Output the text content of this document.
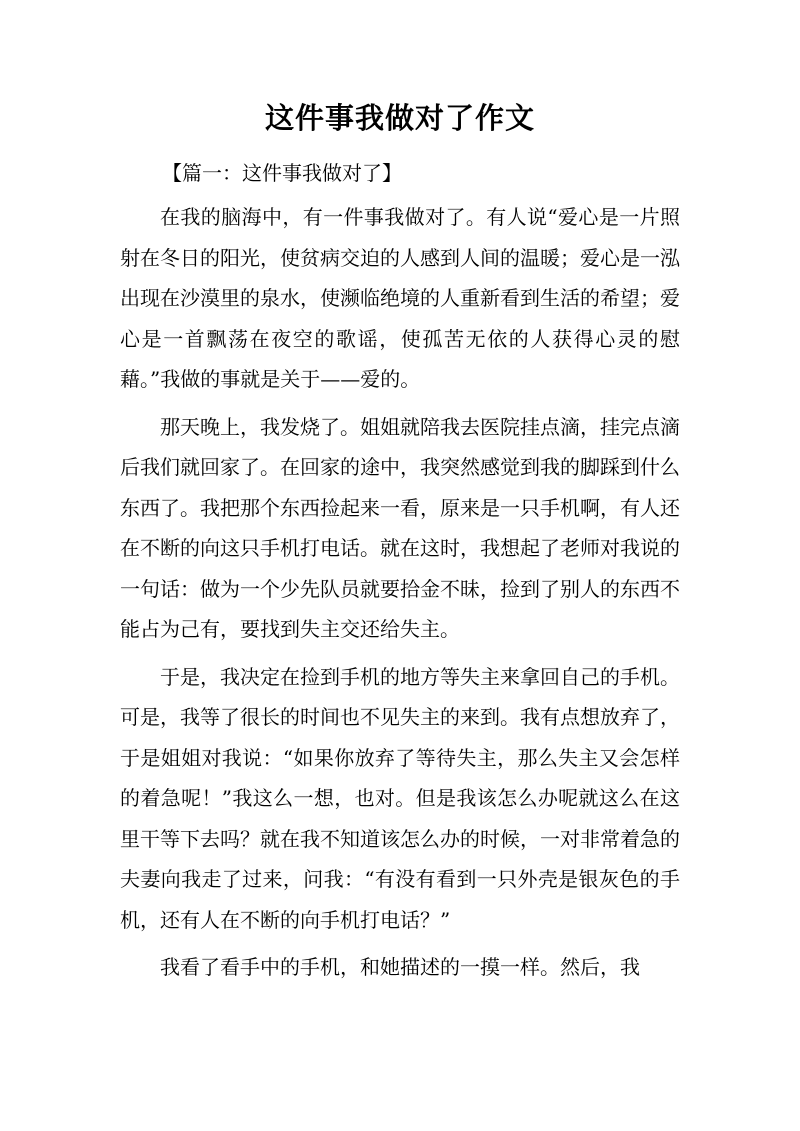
这件事我做对了作文

【篇一：这件事我做对了】

在我的脑海中，有一件事我做对了。有人说“爱心是一片照射在冬日的阳光，使贫病交迫的人感到人间的温暖；爱心是一泓出现在沙漠里的泉水，使濒临绝境的人重新看到生活的希望；爱心是一首飘荡在夜空的歌谣，使孤苦无依的人获得心灵的慰藉。”我做的事就是关于——爱的。

那天晚上，我发烧了。姐姐就陪我去医院挂点滴，挂完点滴后我们就回家了。在回家的途中，我突然感觉到我的脚踩到什么东西了。我把那个东西捡起来一看，原来是一只手机啊，有人还在不断的向这只手机打电话。就在这时，我想起了老师对我说的一句话：做为一个少先队员就要拾金不昧，捡到了别人的东西不能占为己有，要找到失主交还给失主。

于是，我决定在捡到手机的地方等失主来拿回自己的手机。可是，我等了很长的时间也不见失主的来到。我有点想放弃了，于是姐姐对我说：“如果你放弃了等待失主，那么失主又会怎样的着急呢！”我这么一想，也对。但是我该怎么办呢就这么在这里干等下去吗？就在我不知道该怎么办的时候，一对非常着急的夫妻向我走了过来，问我：“有没有看到一只外壳是银灰色的手机，还有人在不断的向手机打电话？”

我看了看手中的手机，和她描述的一摸一样。然后，我
